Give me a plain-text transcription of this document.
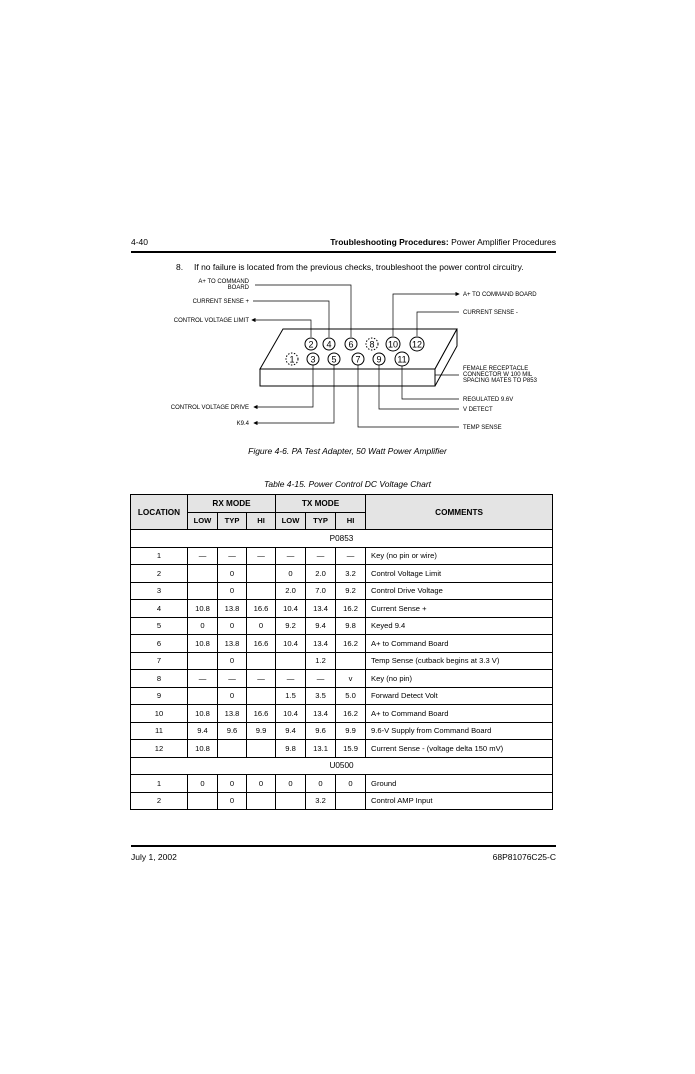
4-40	Troubleshooting Procedures: Power Amplifier Procedures
8. If no failure is located from the previous checks, troubleshoot the power control circuitry.
2 4 6 8 10 12
1 3 5 7 9 11
A+ TO COMMAND
BOARD
CURRENT SENSE +
CONTROL VOLTAGE LIMIT
CONTROL VOLTAGE DRIVE
K9.4
A+ TO COMMAND BOARD
CURRENT SENSE -
FEMALE RECEPTACLE
CONNECTOR W 100 MIL
SPACING MATES TO P853
REGULATED 9.6V
V DETECT
TEMP SENSE
Figure 4-6. PA Test Adapter, 50 Watt Power Amplifier
Table 4-15. Power Control DC Voltage Chart
LOCATION	RX MODE			TX MODE			COMMENTS
	LOW	TYP	HI	LOW	TYP	HI	
P0853							
1	—	—	—	—	—	—	Key (no pin or wire)
2		0		0	2.0	3.2	Control Voltage Limit
3		0		2.0	7.0	9.2	Control Drive Voltage
4	10.8	13.8	16.6	10.4	13.4	16.2	Current Sense +
5	0	0	0	9.2	9.4	9.8	Keyed 9.4
6	10.8	13.8	16.6	10.4	13.4	16.2	A+ to Command Board
7		0			1.2		Temp Sense (cutback begins at 3.3 V)
8	—	—	—	—	—	v	Key (no pin)
9		0		1.5	3.5	5.0	Forward Detect Volt
10	10.8	13.8	16.6	10.4	13.4	16.2	A+ to Command Board
11	9.4	9.6	9.9	9.4	9.6	9.9	9.6-V Supply from Command Board
12	10.8			9.8	13.1	15.9	Current Sense - (voltage delta 150 mV)
U0500							
1	0	0	0	0	0	0	Ground
2		0			3.2		Control AMP Input
July 1, 2002	68P81076C25-C
